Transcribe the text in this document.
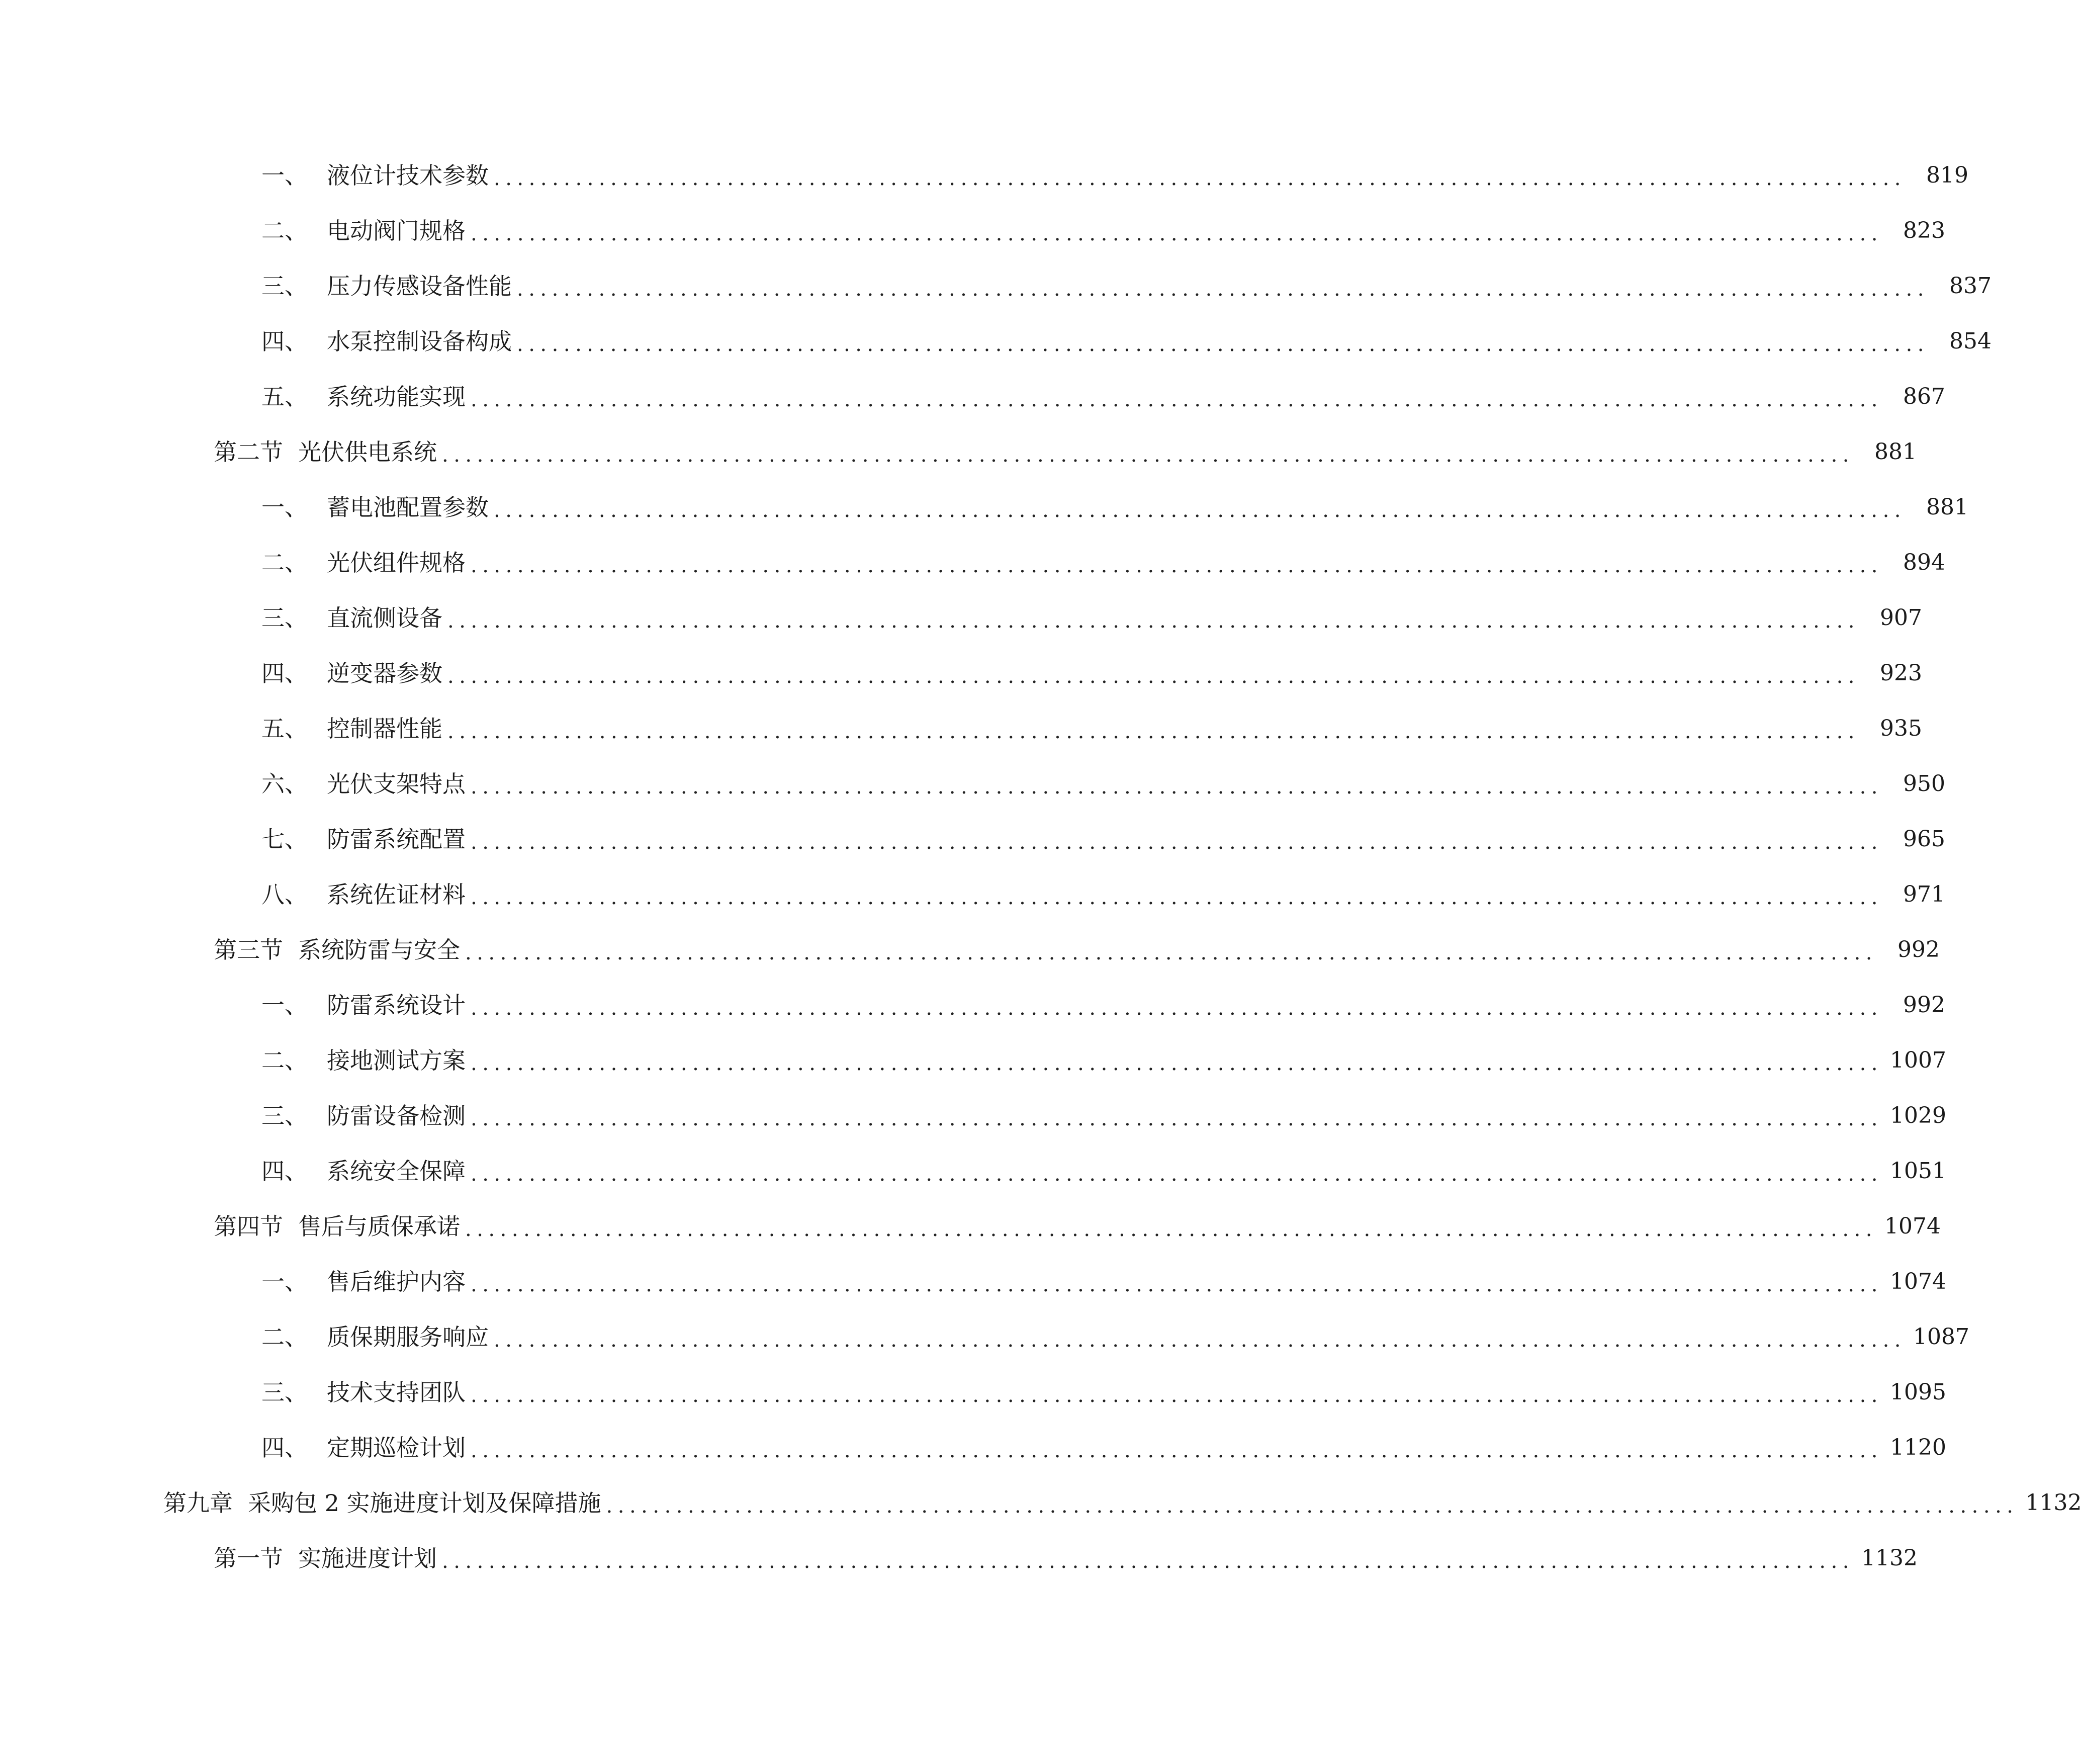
一、 液位计技术参数 ......................................................................................................................... 819
二、 电动阀门规格 ......................................................................................................................... 823
三、 压力传感设备性能 ......................................................................................................................... 837
四、 水泵控制设备构成 ......................................................................................................................... 854
五、 系统功能实现 ......................................................................................................................... 867
第二节 光伏供电系统 ......................................................................................................................... 881
一、 蓄电池配置参数 ......................................................................................................................... 881
二、 光伏组件规格 ......................................................................................................................... 894
三、 直流侧设备 ......................................................................................................................... 907
四、 逆变器参数 ......................................................................................................................... 923
五、 控制器性能 ......................................................................................................................... 935
六、 光伏支架特点 ......................................................................................................................... 950
七、 防雷系统配置 ......................................................................................................................... 965
八、 系统佐证材料 ......................................................................................................................... 971
第三节 系统防雷与安全 ......................................................................................................................... 992
一、 防雷系统设计 ......................................................................................................................... 992
二、 接地测试方案 ......................................................................................................................... 1007
三、 防雷设备检测 ......................................................................................................................... 1029
四、 系统安全保障 ......................................................................................................................... 1051
第四节 售后与质保承诺 ......................................................................................................................... 1074
一、 售后维护内容 ......................................................................................................................... 1074
二、 质保期服务响应 ......................................................................................................................... 1087
三、 技术支持团队 ......................................................................................................................... 1095
四、 定期巡检计划 ......................................................................................................................... 1120
第九章 采购包 2 实施进度计划及保障措施 ......................................................................................................................... 1132
第一节 实施进度计划 ......................................................................................................................... 1132
